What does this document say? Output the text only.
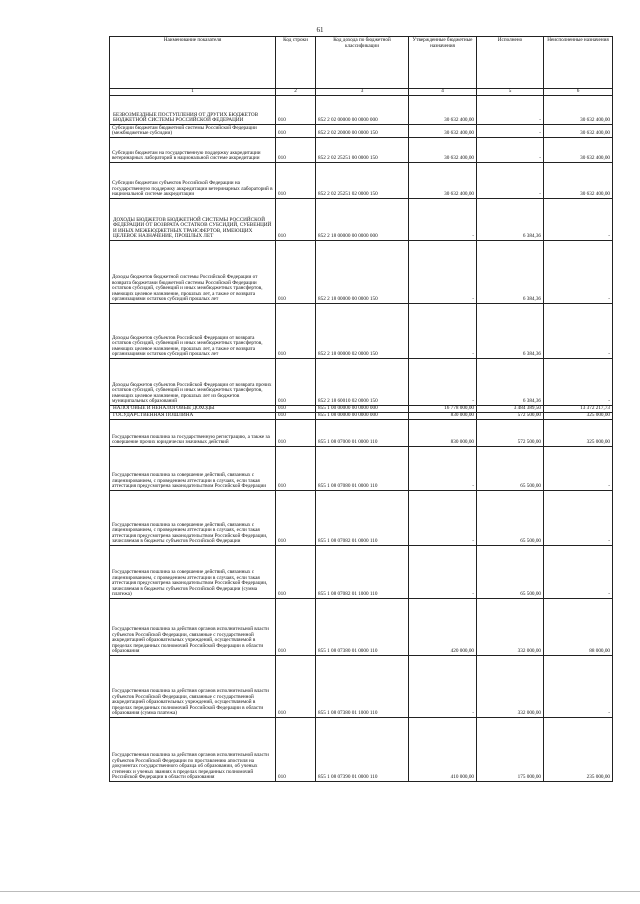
61
Наименование показателя	Код строки	Код дохода по бюджетной классификации	Утвержденные бюджетные назначения	Исполнено	Неисполненные назначения
1	2	3	4	5	6
БЕЗВОЗМЕЗДНЫЕ ПОСТУПЛЕНИЯ ОТ ДРУГИХ БЮДЖЕТОВ БЮДЖЕТНОЙ СИСТЕМЫ РОССИЙСКОЙ ФЕДЕРАЦИИ	010	852 2 02 00000 00 0000 000	30 632 400,00	-	30 632 400,00
Субсидии бюджетам бюджетной системы Российской Федерации (межбюджетные субсидии)	010	852 2 02 20000 00 0000 150	30 632 400,00	-	30 632 400,00
Субсидии бюджетам на государственную поддержку аккредитации ветеринарных лабораторий в национальной системе аккредитации	010	852 2 02 25251 00 0000 150	30 632 400,00	-	30 632 400,00
Субсидии бюджетам субъектов Российской Федерации на государственную поддержку аккредитации ветеринарных лабораторий в национальной системе аккредитации	010	852 2 02 25251 02 0000 150	30 632 400,00	-	30 632 400,00
ДОХОДЫ БЮДЖЕТОВ БЮДЖЕТНОЙ СИСТЕМЫ РОССИЙСКОЙ ФЕДЕРАЦИИ ОТ ВОЗВРАТА ОСТАТКОВ СУБСИДИЙ, СУБВЕНЦИЙ И ИНЫХ МЕЖБЮДЖЕТНЫХ ТРАНСФЕРТОВ, ИМЕЮЩИХ ЦЕЛЕВОЕ НАЗНАЧЕНИЕ, ПРОШЛЫХ ЛЕТ	010	852 2 18 00000 00 0000 000	-	6 384,36	-
Доходы бюджетов бюджетной системы Российской Федерации от возврата бюджетами бюджетной системы Российской Федерации остатков субсидий, субвенций и иных межбюджетных трансфертов, имеющих целевое назначение, прошлых лет, а также от возврата организациями остатков субсидий прошлых лет	010	852 2 18 00000 00 0000 150	-	6 384,36	-
Доходы бюджетов субъектов Российской Федерации от возврата остатков субсидий, субвенций и иных межбюджетных трансфертов, имеющих целевое назначение, прошлых лет, а также от возврата организациями остатков субсидий прошлых лет	010	852 2 18 00000 02 0000 150	-	6 384,36	-
Доходы бюджетов субъектов Российской Федерации от возврата прочих остатков субсидий, субвенций и иных межбюджетных трансфертов, имеющих целевое назначение, прошлых лет из бюджетов муниципальных образований	010	852 2 18 60010 02 0000 150	-	6 384,36	-
НАЛОГОВЫЕ И НЕНАЛОГОВЫЕ ДОХОДЫ	010	855 1 00 00000 00 0000 000	16 778 000,00	3 484 389,50	13 372 217,73
ГОСУДАРСТВЕННАЯ ПОШЛИНА	010	855 1 08 00000 00 0000 000	830 000,00	572 500,00	325 000,00
Государственная пошлина за государственную регистрацию, а также за совершение прочих юридически значимых действий	010	855 1 08 07000 01 0000 110	830 000,00	572 500,00	325 000,00
Государственная пошлина за совершение действий, связанных с лицензированием, с проведением аттестации в случаях, если такая аттестация предусмотрена законодательством Российской Федерации	010	855 1 08 07080 01 0000 110	-	65 500,00	-
Государственная пошлина за совершение действий, связанных с лицензированием, с проведением аттестации в случаях, если такая аттестация предусмотрена законодательством Российской Федерации, зачисляемая в бюджеты субъектов Российской Федерации	010	855 1 08 07082 01 0000 110	-	65 500,00	-
Государственная пошлина за совершение действий, связанных с лицензированием, с проведением аттестации в случаях, если такая аттестация предусмотрена законодательством Российской Федерации, зачисляемая в бюджеты субъектов Российской Федерации (сумма платежа)	010	855 1 08 07082 01 1000 110	-	65 500,00	-
Государственная пошлина за действия органов исполнительной власти субъектов Российской Федерации, связанные с государственной аккредитацией образовательных учреждений, осуществляемой в пределах переданных полномочий Российской Федерации в области образования	010	855 1 08 07380 01 0000 110	420 000,00	332 000,00	88 000,00
Государственная пошлина за действия органов исполнительной власти субъектов Российской Федерации, связанные с государственной аккредитацией образовательных учреждений, осуществляемой в пределах переданных полномочий Российской Федерации в области образования (сумма платежа)	010	855 1 08 07380 01 1000 110	-	332 000,00	-
Государственная пошлина за действия органов исполнительной власти субъектов Российской Федерации по проставлению апостиля на документах государственного образца об образовании, об ученых степенях и ученых званиях в пределах переданных полномочий Российской Федерации в области образования	010	855 1 08 07390 01 0000 110	410 000,00	175 000,00	235 000,00
